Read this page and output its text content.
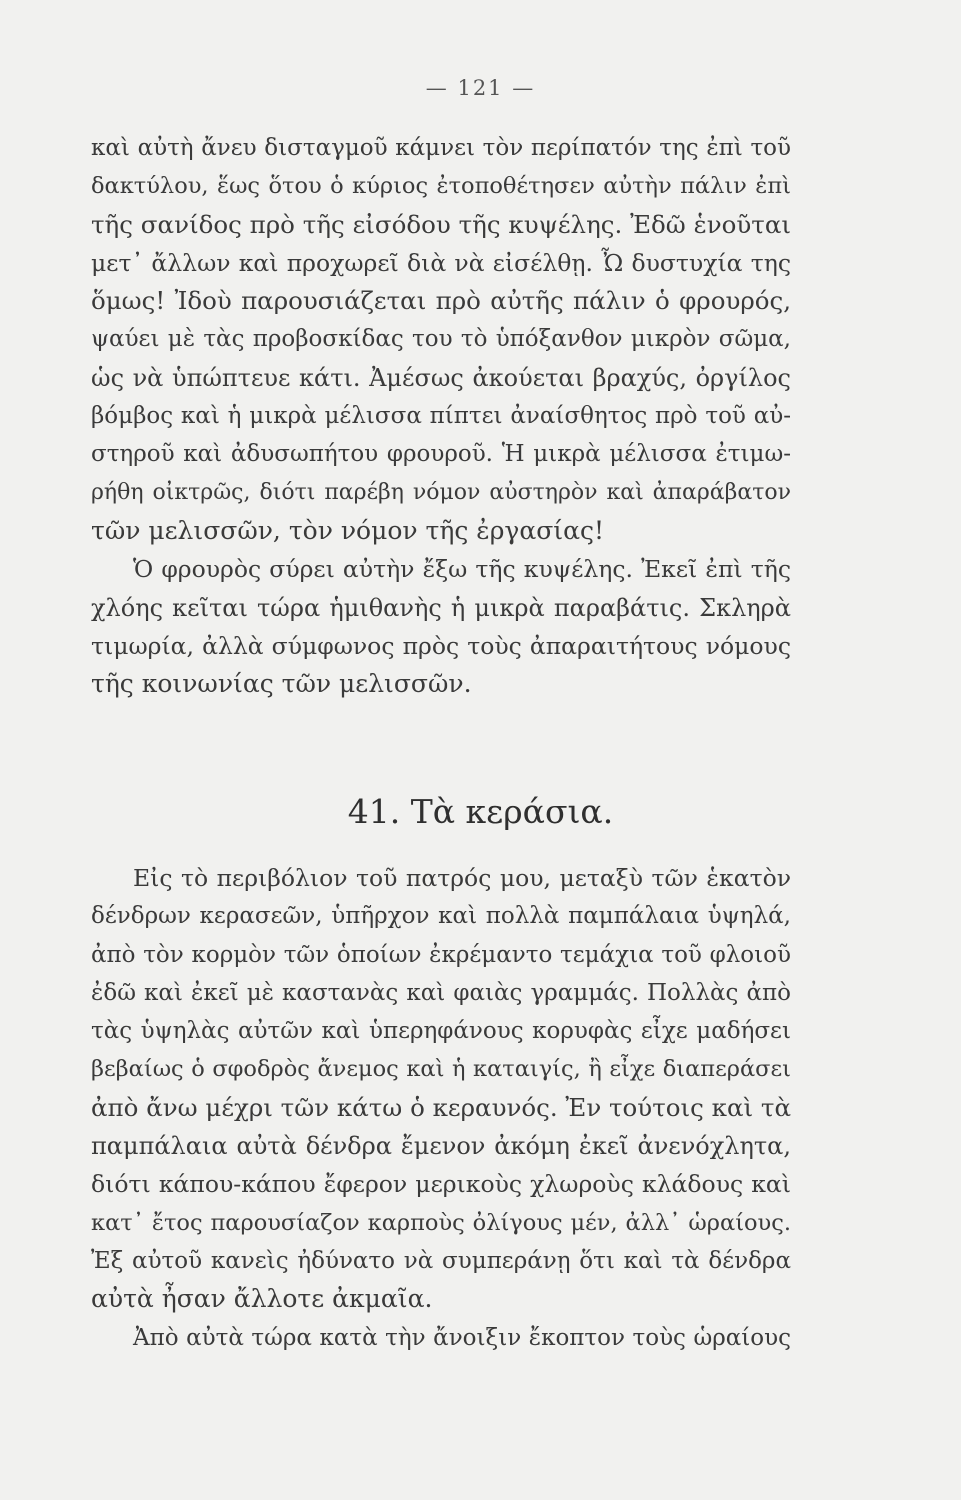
— 121 —
καὶ αὐτὴ ἄνευ δισταγμοῦ κάμνει τὸν περίπατόν της ἐπὶ τοῦ
δακτύλου, ἕως ὅτου ὁ κύριος ἐτοποθέτησεν αὐτὴν πάλιν ἐπὶ
τῆς σανίδος πρὸ τῆς εἰσόδου τῆς κυψέλης. Ἐδῶ ἑνοῦται
μετ᾽ ἄλλων καὶ προχωρεῖ διὰ νὰ εἰσέλθῃ. Ὦ δυστυχία της
ὅμως! Ἰδοὺ παρουσιάζεται πρὸ αὐτῆς πάλιν ὁ φρουρός,
ψαύει μὲ τὰς προβοσκίδας του τὸ ὑπόξανθον μικρὸν σῶμα,
ὡς νὰ ὑπώπτευε κάτι. Ἀμέσως ἀκούεται βραχύς, ὀργίλος
βόμβος καὶ ἡ μικρὰ μέλισσα πίπτει ἀναίσθητος πρὸ τοῦ αὐ-
στηροῦ καὶ ἀδυσωπήτου φρουροῦ. Ἡ μικρὰ μέλισσα ἐτιμω-
ρήθη οἰκτρῶς, διότι παρέβη νόμον αὐστηρὸν καὶ ἀπαράβατον
τῶν μελισσῶν, τὸν νόμον τῆς ἐργασίας!
Ὁ φρουρὸς σύρει αὐτὴν ἔξω τῆς κυψέλης. Ἐκεῖ ἐπὶ τῆς
χλόης κεῖται τώρα ἡμιθανὴς ἡ μικρὰ παραβάτις. Σκληρὰ
τιμωρία, ἀλλὰ σύμφωνος πρὸς τοὺς ἀπαραιτήτους νόμους
τῆς κοινωνίας τῶν μελισσῶν.
41. Τὰ κεράσια.
Εἰς τὸ περιβόλιον τοῦ πατρός μου, μεταξὺ τῶν ἑκατὸν
δένδρων κερασεῶν, ὑπῆρχον καὶ πολλὰ παμπάλαια ὑψηλά,
ἀπὸ τὸν κορμὸν τῶν ὁποίων ἐκρέμαντο τεμάχια τοῦ φλοιοῦ
ἐδῶ καὶ ἐκεῖ μὲ καστανὰς καὶ φαιὰς γραμμάς. Πολλὰς ἀπὸ
τὰς ὑψηλὰς αὐτῶν καὶ ὑπερηφάνους κορυφὰς εἶχε μαδήσει
βεβαίως ὁ σφοδρὸς ἄνεμος καὶ ἡ καταιγίς, ἢ εἶχε διαπεράσει
ἀπὸ ἄνω μέχρι τῶν κάτω ὁ κεραυνός. Ἐν τούτοις καὶ τὰ
παμπάλαια αὐτὰ δένδρα ἔμενον ἀκόμη ἐκεῖ ἀνενόχλητα,
διότι κάπου-κάπου ἔφερον μερικοὺς χλωροὺς κλάδους καὶ
κατ᾽ ἔτος παρουσίαζον καρποὺς ὀλίγους μέν, ἀλλ᾽ ὡραίους.
Ἐξ αὐτοῦ κανεὶς ἠδύνατο νὰ συμπεράνῃ ὅτι καὶ τὰ δένδρα
αὐτὰ ἦσαν ἄλλοτε ἀκμαῖα.
Ἀπὸ αὐτὰ τώρα κατὰ τὴν ἄνοιξιν ἔκοπτον τοὺς ὡραίους
